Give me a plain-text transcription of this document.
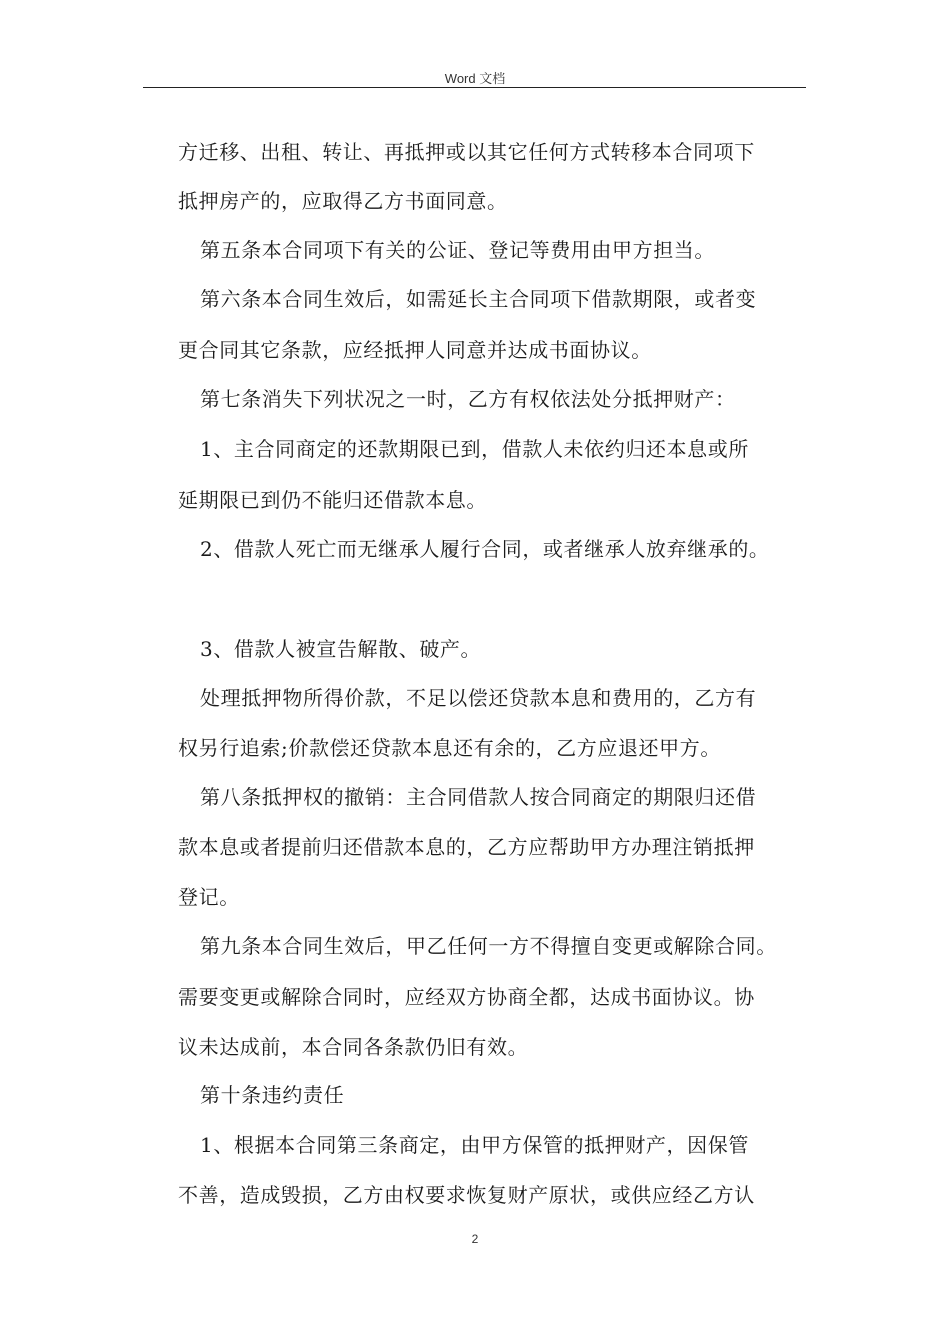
Word 文档
方迁移、出租、转让、再抵押或以其它任何方式转移本合同项下
抵押房产的，应取得乙方书面同意。
第五条本合同项下有关的公证、登记等费用由甲方担当。
第六条本合同生效后，如需延长主合同项下借款期限，或者变
更合同其它条款，应经抵押人同意并达成书面协议。
第七条消失下列状况之一时，乙方有权依法处分抵押财产：
1、主合同商定的还款期限已到，借款人未依约归还本息或所
延期限已到仍不能归还借款本息。
2、借款人死亡而无继承人履行合同，或者继承人放弃继承的。
3、借款人被宣告解散、破产。
处理抵押物所得价款，不足以偿还贷款本息和费用的，乙方有
权另行追索;价款偿还贷款本息还有余的，乙方应退还甲方。
第八条抵押权的撤销：主合同借款人按合同商定的期限归还借
款本息或者提前归还借款本息的，乙方应帮助甲方办理注销抵押
登记。
第九条本合同生效后，甲乙任何一方不得擅自变更或解除合同。
需要变更或解除合同时，应经双方协商全都，达成书面协议。协
议未达成前，本合同各条款仍旧有效。
第十条违约责任
1、根据本合同第三条商定，由甲方保管的抵押财产，因保管
不善，造成毁损，乙方由权要求恢复财产原状，或供应经乙方认
2
